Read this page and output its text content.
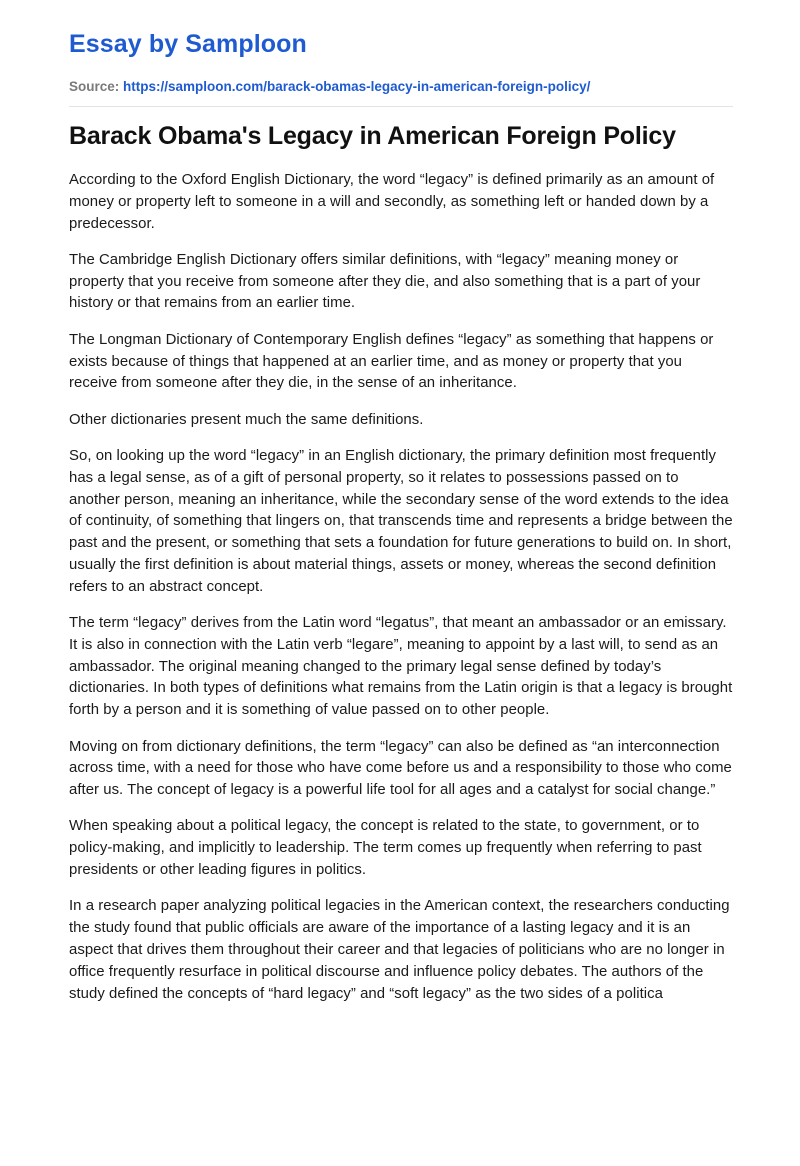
Essay by Samploon
Source: https://samploon.com/barack-obamas-legacy-in-american-foreign-policy/
Barack Obama's Legacy in American Foreign Policy

According to the Oxford English Dictionary, the word “legacy” is defined primarily as an amount of money or property left to someone in a will and secondly, as something left or handed down by a predecessor.

The Cambridge English Dictionary offers similar definitions, with “legacy” meaning money or property that you receive from someone after they die, and also something that is a part of your history or that remains from an earlier time.

The Longman Dictionary of Contemporary English defines “legacy” as something that happens or exists because of things that happened at an earlier time, and as money or property that you receive from someone after they die, in the sense of an inheritance.

Other dictionaries present much the same definitions.

So, on looking up the word “legacy” in an English dictionary, the primary definition most frequently has a legal sense, as of a gift of personal property, so it relates to possessions passed on to another person, meaning an inheritance, while the secondary sense of the word extends to the idea of continuity, of something that lingers on, that transcends time and represents a bridge between the past and the present, or something that sets a foundation for future generations to build on. In short, usually the first definition is about material things, assets or money, whereas the second definition refers to an abstract concept.

The term “legacy” derives from the Latin word “legatus”, that meant an ambassador or an emissary. It is also in connection with the Latin verb “legare”, meaning to appoint by a last will, to send as an ambassador. The original meaning changed to the primary legal sense defined by today’s dictionaries. In both types of definitions what remains from the Latin origin is that a legacy is brought forth by a person and it is something of value passed on to other people.

Moving on from dictionary definitions, the term “legacy” can also be defined as “an interconnection across time, with a need for those who have come before us and a responsibility to those who come after us. The concept of legacy is a powerful life tool for all ages and a catalyst for social change.”

When speaking about a political legacy, the concept is related to the state, to government, or to policy-making, and implicitly to leadership. The term comes up frequently when referring to past presidents or other leading figures in politics.

In a research paper analyzing political legacies in the American context, the researchers conducting the study found that public officials are aware of the importance of a lasting legacy and it is an aspect that drives them throughout their career and that legacies of politicians who are no longer in office frequently resurface in political discourse and influence policy debates. The authors of the study defined the concepts of “hard legacy” and “soft legacy” as the two sides of a politica
